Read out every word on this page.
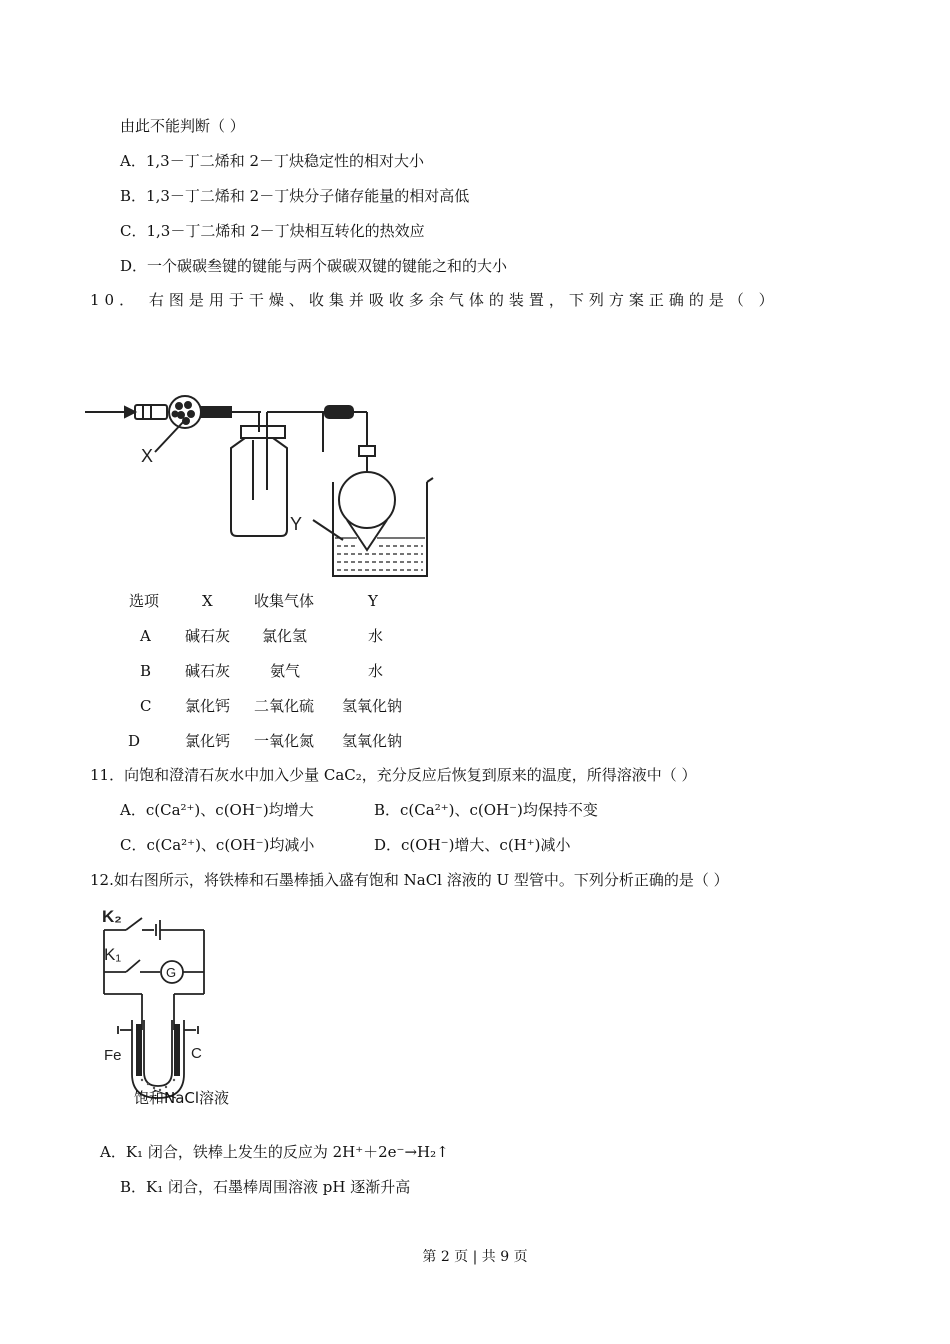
由此不能判断（ ）
A．1,3－丁二烯和 2－丁炔稳定性的相对大小
B．1,3－丁二烯和 2－丁炔分子储存能量的相对高低
C．1,3－丁二烯和 2－丁炔相互转化的热效应
D．一个碳碳叁键的键能与两个碳碳双键的键能之和的大小
10． 右图是用于干燥、收集并吸收多余气体的装置，下列方案正确的是（ ）
X
Y
选项	X	收集气体	Y
A 碱石灰 氯化氢	水
B 碱石灰	氨气	水
C 氯化钙 二氧化硫 氢氧化钠
D	氯化钙 一氧化氮 氢氧化钠
11．向饱和澄清石灰水中加入少量 CaC₂，充分反应后恢复到原来的温度，所得溶液中（ ）
A．c(Ca²⁺)、c(OH⁻)均增大	B．c(Ca²⁺)、c(OH⁻)均保持不变
C．c(Ca²⁺)、c(OH⁻)均减小	D．c(OH⁻)增大、c(H⁺)减小
12.如右图所示，将铁棒和石墨棒插入盛有饱和 NaCl 溶液的 U 型管中。下列分析正确的是（ ）
K₂
K₁
G
Fe	C
饱和NaCl溶液
A．K₁ 闭合，铁棒上发生的反应为 2H⁺＋2e⁻→H₂↑
B．K₁ 闭合，石墨棒周围溶液 pH 逐渐升高
第 2 页 | 共 9 页
